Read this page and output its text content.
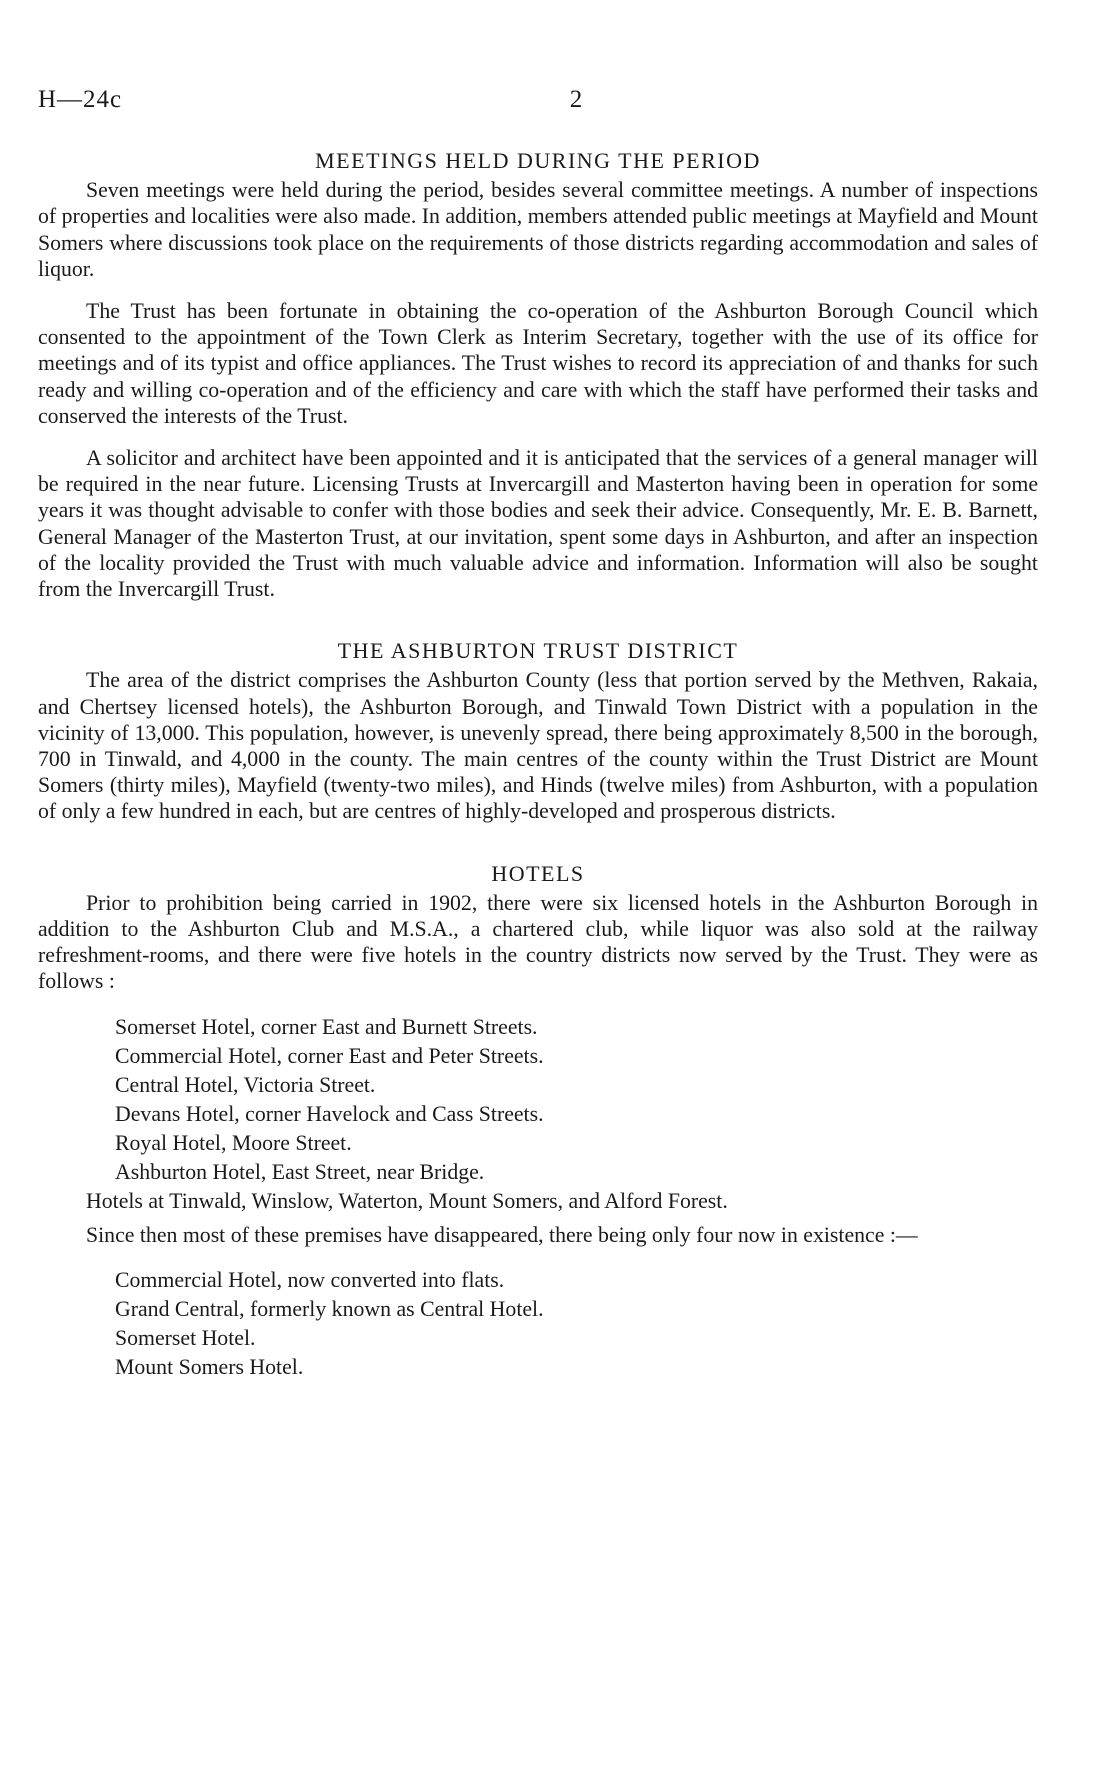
H—24c	2
MEETINGS HELD DURING THE PERIOD

Seven meetings were held during the period, besides several committee meetings. A number of inspections of properties and localities were also made. In addition, members attended public meetings at Mayfield and Mount Somers where discussions took place on the requirements of those districts regarding accommodation and sales of liquor.

The Trust has been fortunate in obtaining the co-operation of the Ashburton Borough Council which consented to the appointment of the Town Clerk as Interim Secretary, together with the use of its office for meetings and of its typist and office appliances. The Trust wishes to record its appreciation of and thanks for such ready and willing co-operation and of the efficiency and care with which the staff have performed their tasks and conserved the interests of the Trust.

A solicitor and architect have been appointed and it is anticipated that the services of a general manager will be required in the near future. Licensing Trusts at Invercargill and Masterton having been in operation for some years it was thought advisable to confer with those bodies and seek their advice. Consequently, Mr. E. B. Barnett, General Manager of the Masterton Trust, at our invitation, spent some days in Ashburton, and after an inspection of the locality provided the Trust with much valuable advice and information. Information will also be sought from the Invercargill Trust.

THE ASHBURTON TRUST DISTRICT

The area of the district comprises the Ashburton County (less that portion served by the Methven, Rakaia, and Chertsey licensed hotels), the Ashburton Borough, and Tinwald Town District with a population in the vicinity of 13,000. This population, however, is unevenly spread, there being approximately 8,500 in the borough, 700 in Tinwald, and 4,000 in the county. The main centres of the county within the Trust District are Mount Somers (thirty miles), Mayfield (twenty-two miles), and Hinds (twelve miles) from Ashburton, with a population of only a few hundred in each, but are centres of highly-developed and prosperous districts.

HOTELS

Prior to prohibition being carried in 1902, there were six licensed hotels in the Ashburton Borough in addition to the Ashburton Club and M.S.A., a chartered club, while liquor was also sold at the railway refreshment-rooms, and there were five hotels in the country districts now served by the Trust. They were as follows :

Somerset Hotel, corner East and Burnett Streets.
Commercial Hotel, corner East and Peter Streets.
Central Hotel, Victoria Street.
Devans Hotel, corner Havelock and Cass Streets.
Royal Hotel, Moore Street.
Ashburton Hotel, East Street, near Bridge.
Hotels at Tinwald, Winslow, Waterton, Mount Somers, and Alford Forest.

Since then most of these premises have disappeared, there being only four now in existence :—

Commercial Hotel, now converted into flats.
Grand Central, formerly known as Central Hotel.
Somerset Hotel.
Mount Somers Hotel.
